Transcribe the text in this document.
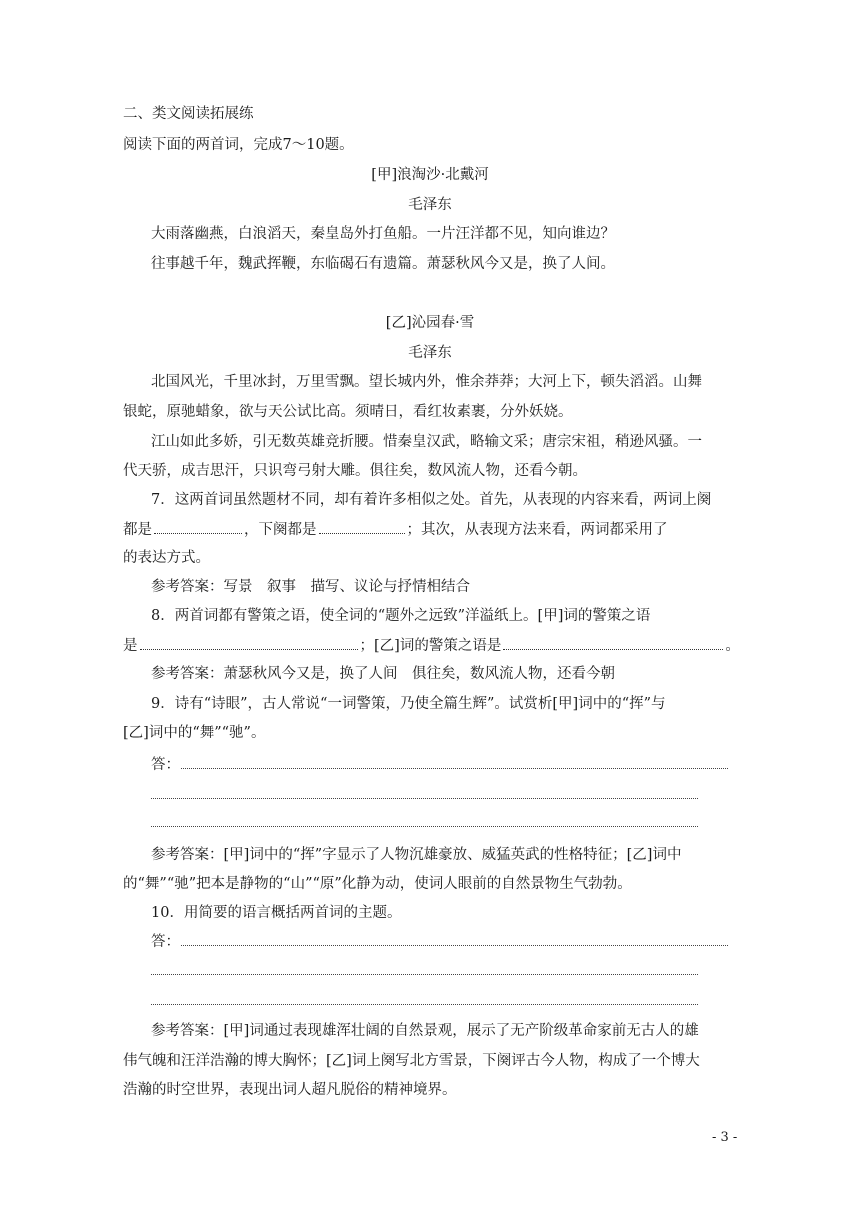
二、类文阅读拓展练
阅读下面的两首词，完成7～10题。
[甲]浪淘沙·北戴河
毛泽东
大雨落幽燕，白浪滔天，秦皇岛外打鱼船。一片汪洋都不见，知向谁边？
往事越千年，魏武挥鞭，东临碣石有遗篇。萧瑟秋风今又是，换了人间。
[乙]沁园春·雪
毛泽东
北国风光，千里冰封，万里雪飘。望长城内外，惟余莽莽；大河上下，顿失滔滔。山舞
银蛇，原驰蜡象，欲与天公试比高。须晴日，看红妆素裹，分外妖娆。
江山如此多娇，引无数英雄竞折腰。惜秦皇汉武，略输文采；唐宗宋祖，稍逊风骚。一
代天骄，成吉思汗，只识弯弓射大雕。俱往矣，数风流人物，还看今朝。
7．这两首词虽然题材不同，却有着许多相似之处。首先，从表现的内容来看，两词上阕
都是	，下阕都是	；其次，从表现方法来看，两词都采用了
的表达方式。
参考答案：写景　叙事　描写、议论与抒情相结合
8．两首词都有警策之语，使全词的“题外之远致”洋溢纸上。[甲]词的警策之语
是	；[乙]词的警策之语是	。
参考答案：萧瑟秋风今又是，换了人间　俱往矣，数风流人物，还看今朝
9．诗有“诗眼”，古人常说“一词警策，乃使全篇生辉”。试赏析[甲]词中的“挥”与
[乙]词中的“舞”“驰”。
答：
参考答案：[甲]词中的“挥”字显示了人物沉雄豪放、威猛英武的性格特征；[乙]词中
的“舞”“驰”把本是静物的“山”“原”化静为动，使词人眼前的自然景物生气勃勃。
10．用简要的语言概括两首词的主题。
答：
参考答案：[甲]词通过表现雄浑壮阔的自然景观，展示了无产阶级革命家前无古人的雄
伟气魄和汪洋浩瀚的博大胸怀；[乙]词上阕写北方雪景，下阕评古今人物，构成了一个博大
浩瀚的时空世界，表现出词人超凡脱俗的精神境界。
- 3 -
